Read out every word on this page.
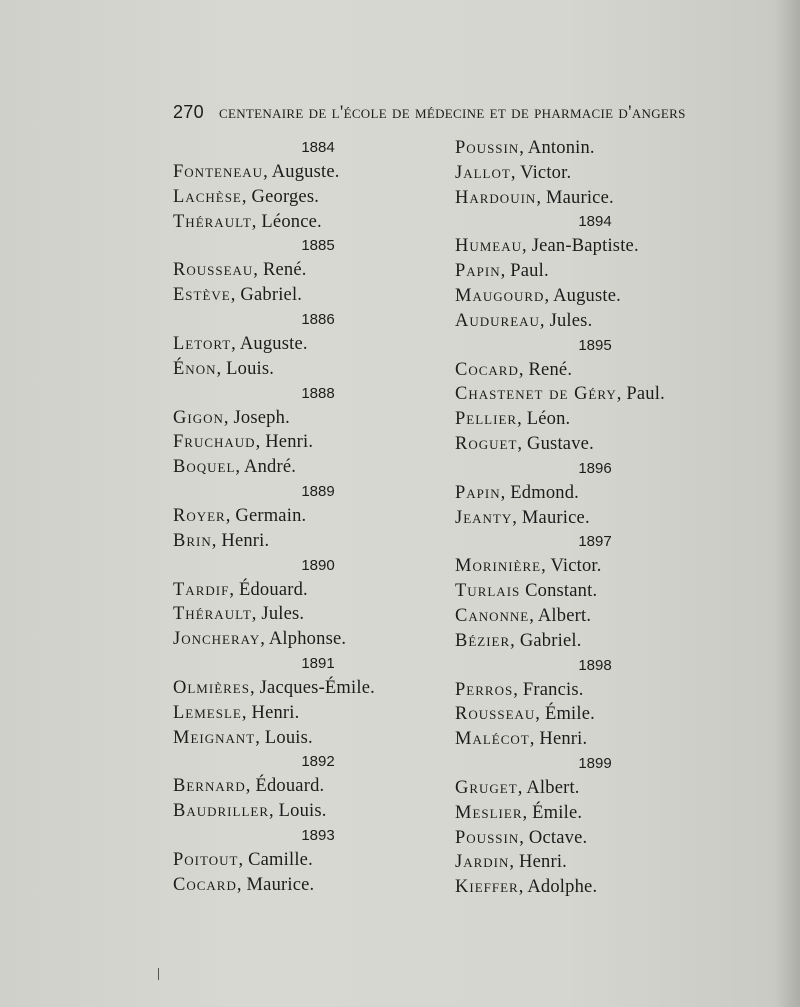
270 centenaire de l'école de médecine et de pharmacie d'angers
1884
Fonteneau, Auguste.
Lachèse, Georges.
Thérault, Léonce.
1885
Rousseau, René.
Estève, Gabriel.
1886
Letort, Auguste.
Énon, Louis.
1888
Gigon, Joseph.
Fruchaud, Henri.
Boquel, André.
1889
Royer, Germain.
Brin, Henri.
1890
Tardif, Édouard.
Thérault, Jules.
Joncheray, Alphonse.
1891
Olmières, Jacques-Émile.
Lemesle, Henri.
Meignant, Louis.
1892
Bernard, Édouard.
Baudriller, Louis.
1893
Poitout, Camille.
Cocard, Maurice.
Poussin, Antonin.
Jallot, Victor.
Hardouin, Maurice.
1894
Humeau, Jean-Baptiste.
Papin, Paul.
Maugourd, Auguste.
Audureau, Jules.
1895
Cocard, René.
Chastenet de Géry, Paul.
Pellier, Léon.
Roguet, Gustave.
1896
Papin, Edmond.
Jeanty, Maurice.
1897
Morinière, Victor.
Turlais Constant.
Canonne, Albert.
Bézier, Gabriel.
1898
Perros, Francis.
Rousseau, Émile.
Malécot, Henri.
1899
Gruget, Albert.
Meslier, Émile.
Poussin, Octave.
Jardin, Henri.
Kieffer, Adolphe.
